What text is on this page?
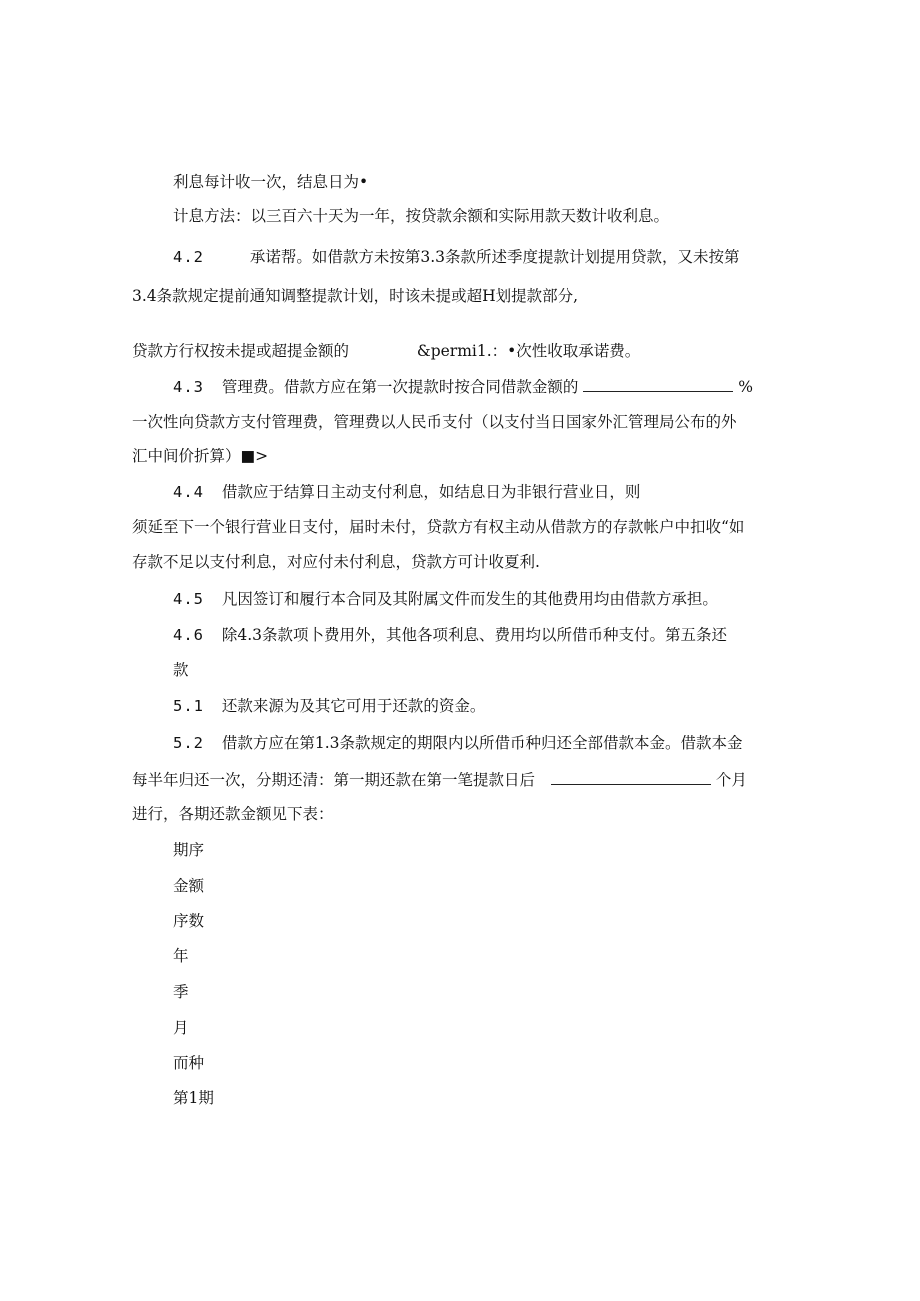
利息每计收一次，结息日为•
计息方法：以三百六十天为一年，按贷款余额和实际用款天数计收利息。
4.2	承诺帮。如借款方未按第3.3条款所述季度提款计划提用贷款，又未按第
3.4条款规定提前通知调整提款计划，时该未提或超H划提款部分,
贷款方行权按未提或超提金额的	&permi1.：•次性收取承诺费。
4.3 管理费。借款方应在第一次提款时按合同借款金额的	%
一次性向贷款方支付管理费，管理费以人民币支付（以支付当日国家外汇管理局公布的外
汇中间价折算）■>
4.4 借款应于结算日主动支付利息，如结息日为非银行营业日，则
须延至下一个银行营业日支付，届时未付，贷款方有权主动从借款方的存款帐户中扣收“如
存款不足以支付利息，对应付未付利息，贷款方可计收夏利.
4.5 凡因签订和履行本合同及其附属文件而发生的其他费用均由借款方承担。
4.6 除4.3条款项卜费用外，其他各项利息、费用均以所借币种支付。第五条还
款
5.1 还款来源为及其它可用于还款的资金。
5.2 借款方应在第1.3条款规定的期限内以所借币种归还全部借款本金。借款本金
每半年归还一次，分期还清：第一期还款在第一笔提款日后	个月
进行，各期还款金额见下表：
期序
金额
序数
年
季
月
而种
第1期
